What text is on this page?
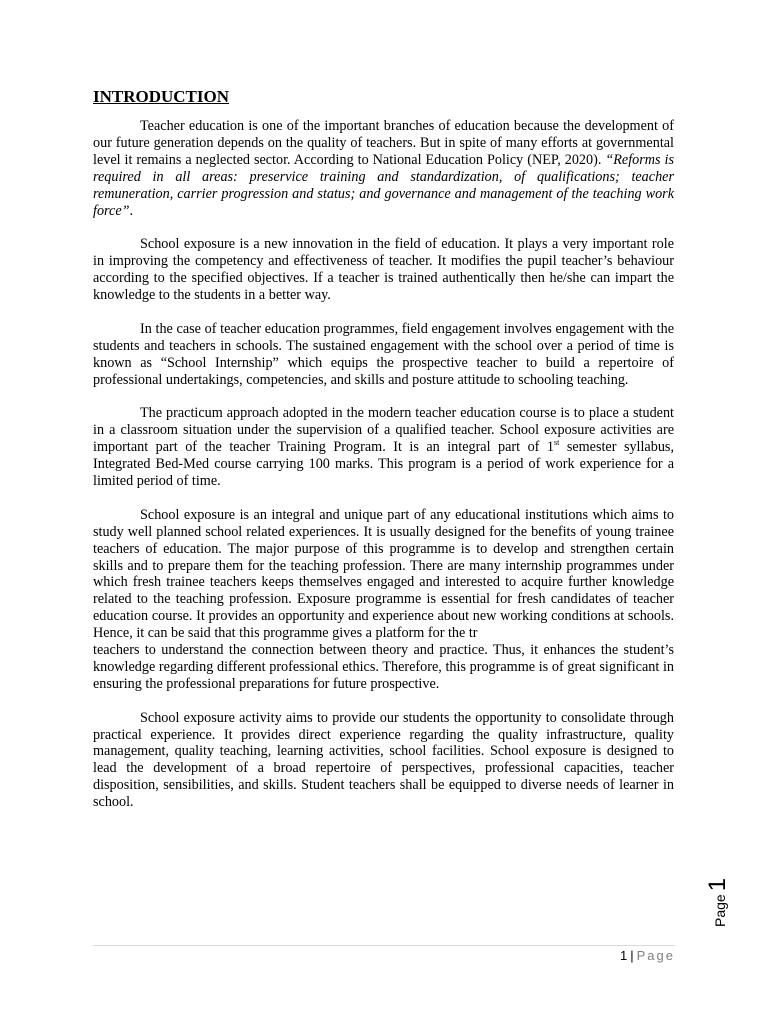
INTRODUCTION

Teacher education is one of the important branches of education because the development of our future generation depends on the quality of teachers. But in spite of many efforts at governmental level it remains a neglected sector. According to National Education Policy (NEP, 2020). “Reforms is required in all areas: preservice training and standardization, of qualifications; teacher remuneration, carrier progression and status; and governance and management of the teaching work force”.

School exposure is a new innovation in the field of education. It plays a very important role in improving the competency and effectiveness of teacher. It modifies the pupil teacher’s behaviour according to the specified objectives. If a teacher is trained authentically then he/she can impart the knowledge to the students in a better way.

In the case of teacher education programmes, field engagement involves engagement with the students and teachers in schools. The sustained engagement with the school over a period of time is known as “School Internship” which equips the prospective teacher to build a repertoire of professional undertakings, competencies, and skills and posture attitude to schooling teaching.

The practicum approach adopted in the modern teacher education course is to place a student in a classroom situation under the supervision of a qualified teacher. School exposure activities are important part of the teacher Training Program. It is an integral part of 1st semester syllabus, Integrated Bed-Med course carrying 100 marks. This program is a period of work experience for a limited period of time.

School exposure is an integral and unique part of any educational institutions which aims to study well planned school related experiences. It is usually designed for the benefits of young trainee teachers of education. The major purpose of this programme is to develop and strengthen certain skills and to prepare them for the teaching profession. There are many internship programmes under which fresh trainee teachers keeps themselves engaged and interested to acquire further knowledge related to the teaching profession. Exposure programme is essential for fresh candidates of teacher education course. It provides an opportunity and experience about new working conditions at schools. Hence, it can be said that this programme gives a platform for the tr

teachers to understand the connection between theory and practice. Thus, it enhances the student’s knowledge regarding different professional ethics. Therefore, this programme is of great significant in ensuring the professional preparations for future prospective.

School exposure activity aims to provide our students the opportunity to consolidate through practical experience. It provides direct experience regarding the quality infrastructure, quality management, quality teaching, learning activities, school facilities. School exposure is designed to lead the development of a broad repertoire of perspectives, professional capacities, teacher disposition, sensibilities, and skills. Student teachers shall be equipped to diverse needs of learner in school.

Page1
1 | Page
